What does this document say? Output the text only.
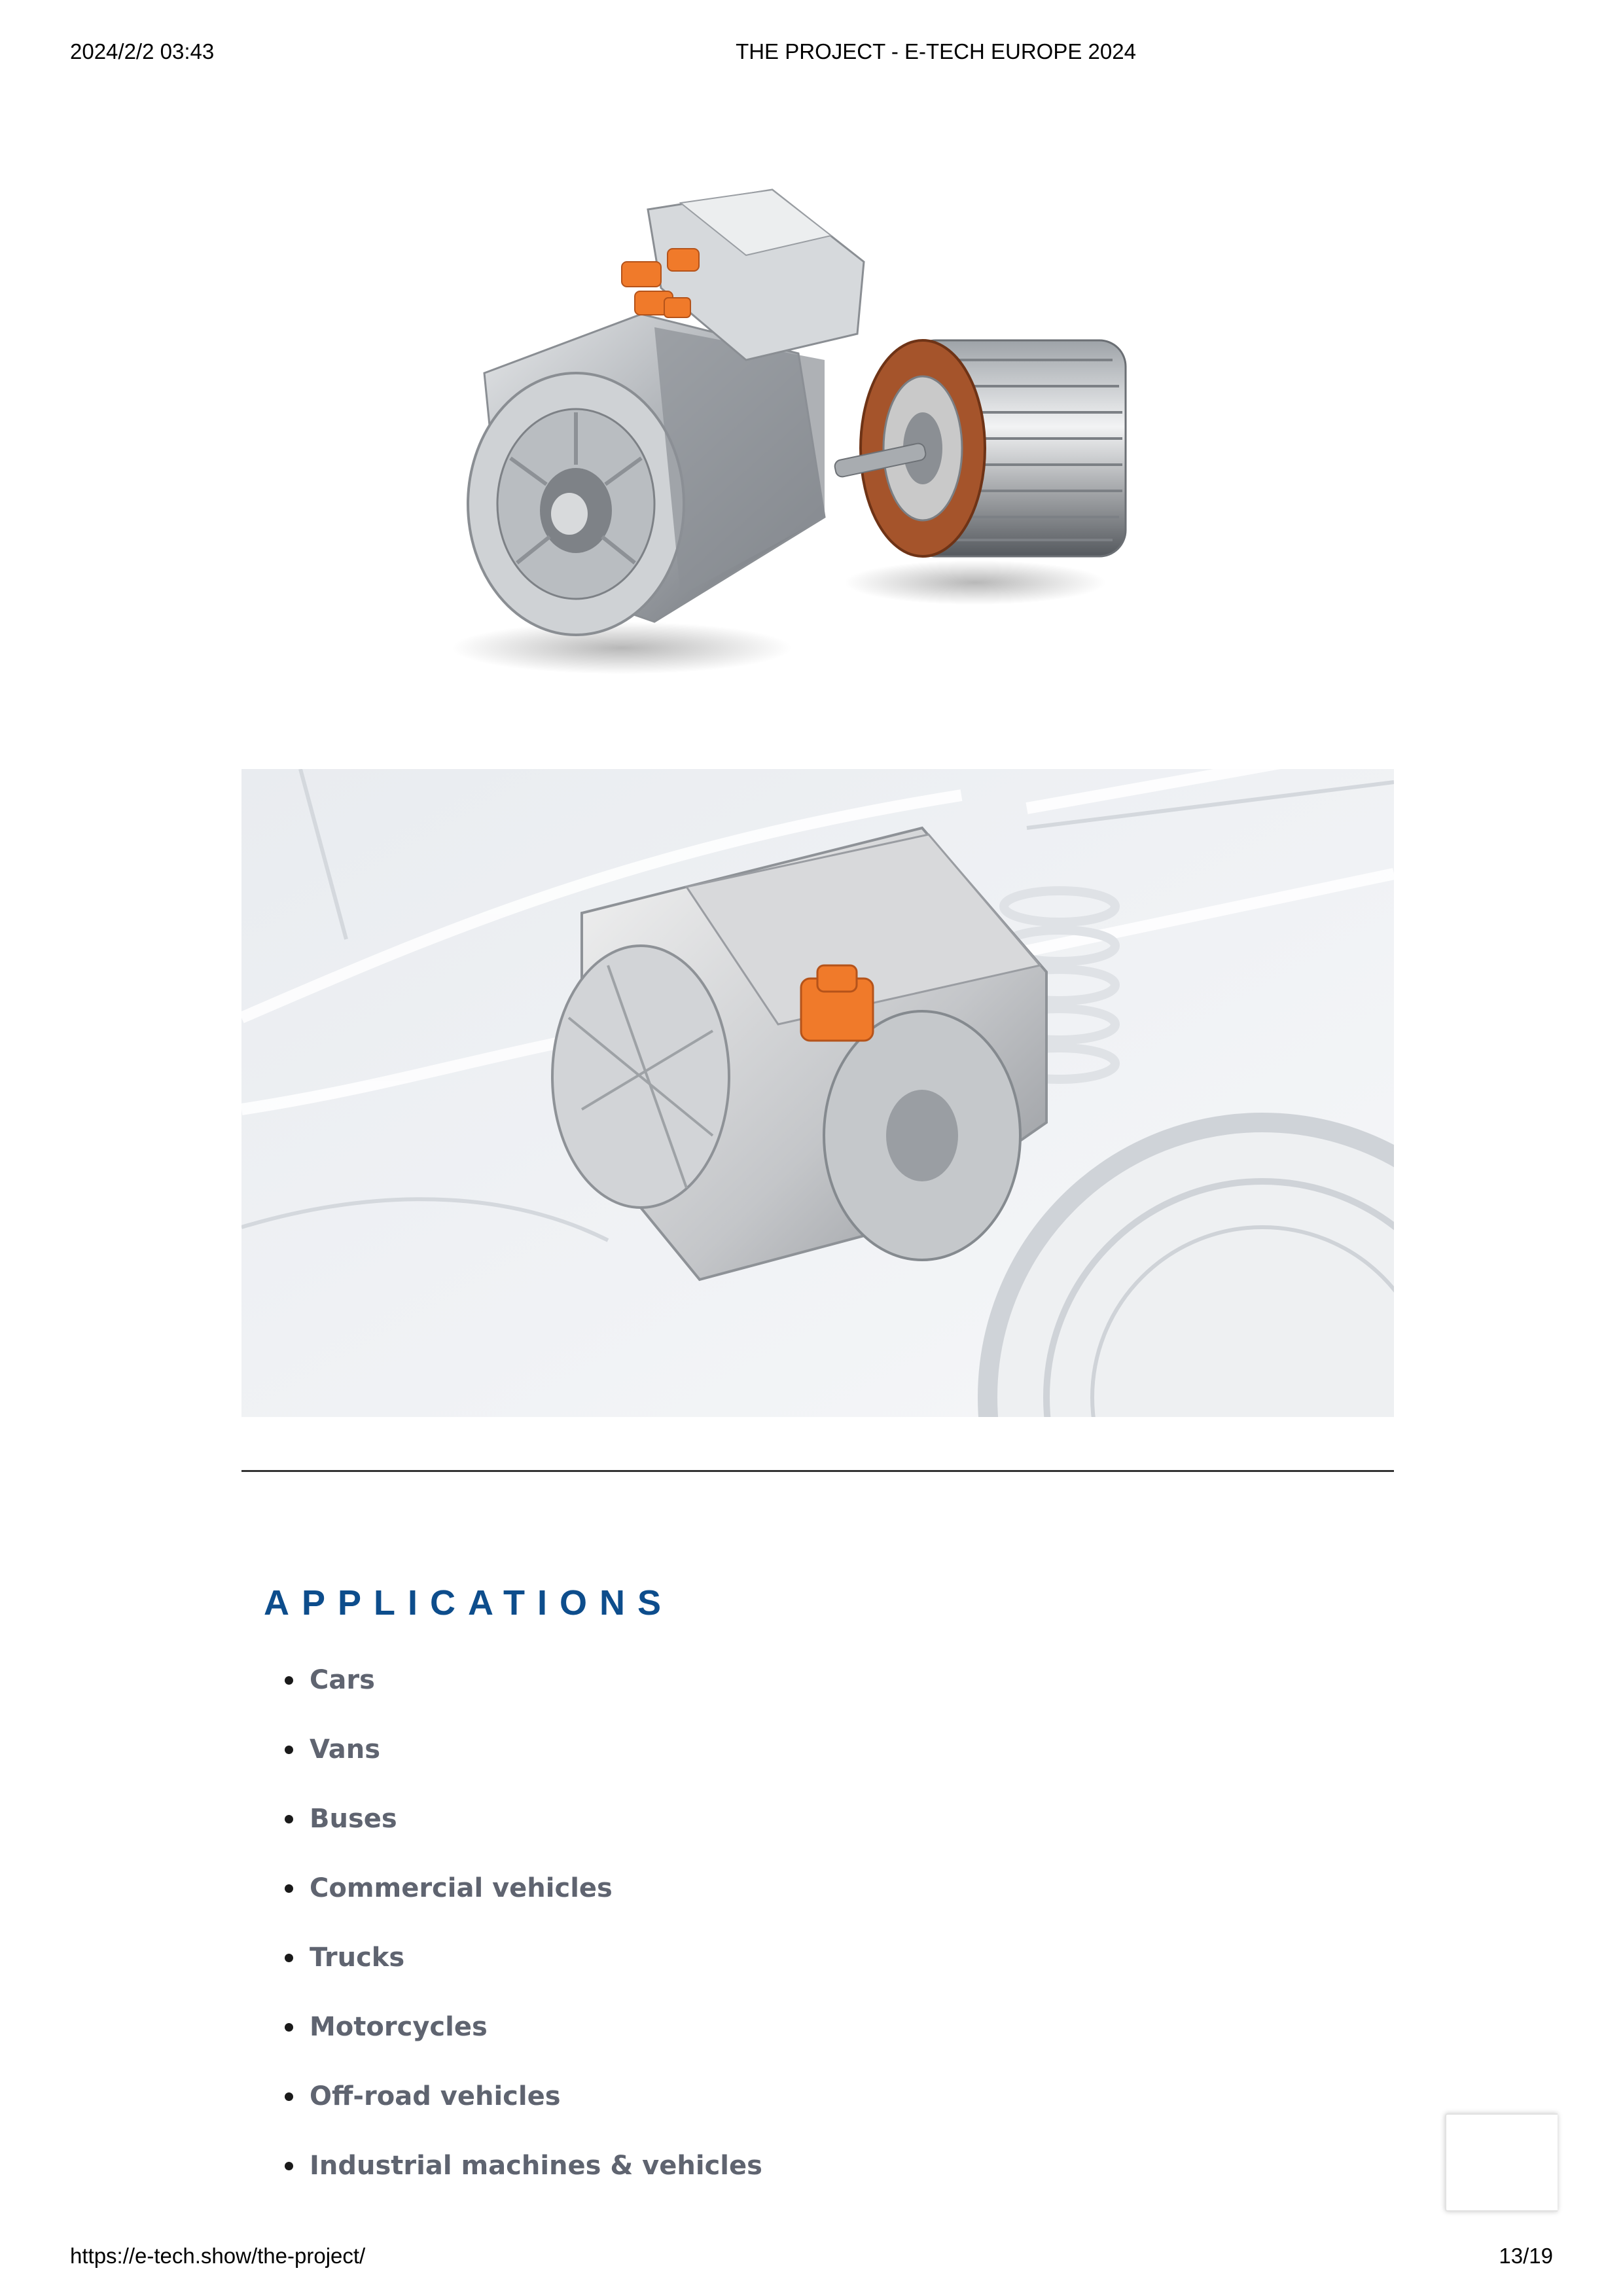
2024/2/2 03:43	THE PROJECT - E-TECH EUROPE 2024
APPLICATIONS
Cars
Vans
Buses
Commercial vehicles
Trucks
Motorcycles
Off-road vehicles
Industrial machines & vehicles
https://e-tech.show/the-project/	13/19
